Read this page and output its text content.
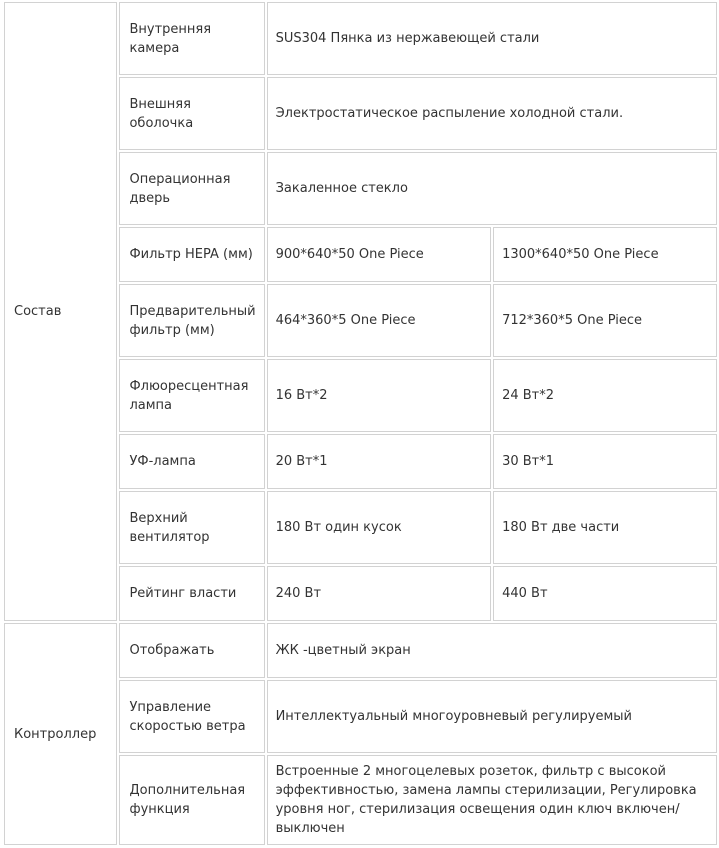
Состав	Внутренняя камера	SUS304 Пянка из нержавеющей стали	
	Внешняя оболочка	Электростатическое распыление холодной стали.	
	Операционная дверь	Закаленное стекло	
	Фильтр HEPA (мм)	900*640*50 One Piece	1300*640*50 One Piece
	Предварительный фильтр (мм)	464*360*5 One Piece	712*360*5 One Piece
	Флюоресцентная лампа	16 Вт*2	24 Вт*2
	УФ-лампа	20 Вт*1	30 Вт*1
	Верхний вентилятор	180 Вт один кусок	180 Вт две части
	Рейтинг власти	240 Вт	440 Вт
Контроллер	Отображать	ЖК -цветный экран	
	Управление скоростью ветра	Интеллектуальный многоуровневый регулируемый	
	Дополнительная функция	Встроенные 2 многоцелевых розеток, фильтр с высокой эффективностью, замена лампы стерилизации, Регулировка уровня ног, стерилизация освещения один ключ включен/ выключен	
